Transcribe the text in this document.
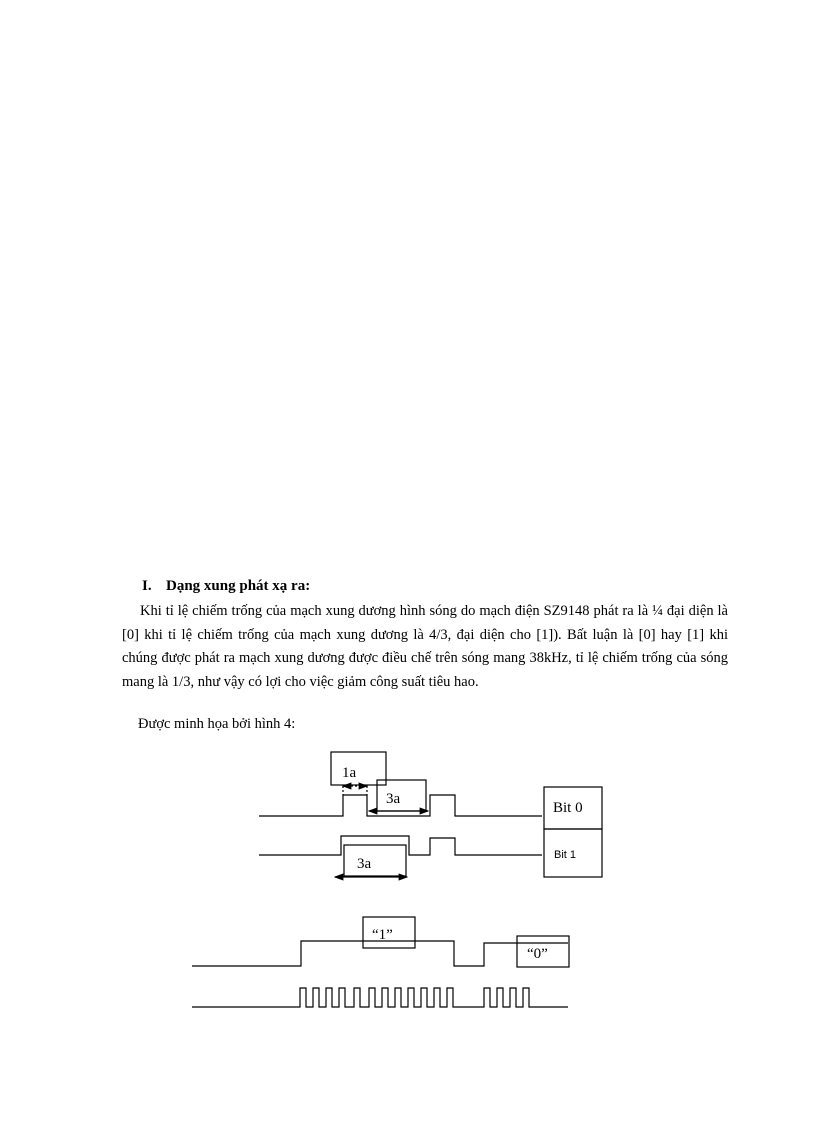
I. Dạng xung phát xạ ra:

Khi tỉ lệ chiếm trống của mạch xung dương hình sóng do mạch điện SZ9148 phát ra là ¼ đại diện là [0] khi tỉ lệ chiếm trống của mạch xung dương là 4/3, đại diện cho [1]). Bất luận là [0] hay [1] khi chúng được phát ra mạch xung dương được điều chế trên sóng mang 38kHz, tỉ lệ chiếm trống của sóng mang là 1/3, như vậy có lợi cho việc giảm công suất tiêu hao.

Được minh họa bởi hình 4:
1a
3a
3a
Bit 0
Bit 1
“1”
“0”
